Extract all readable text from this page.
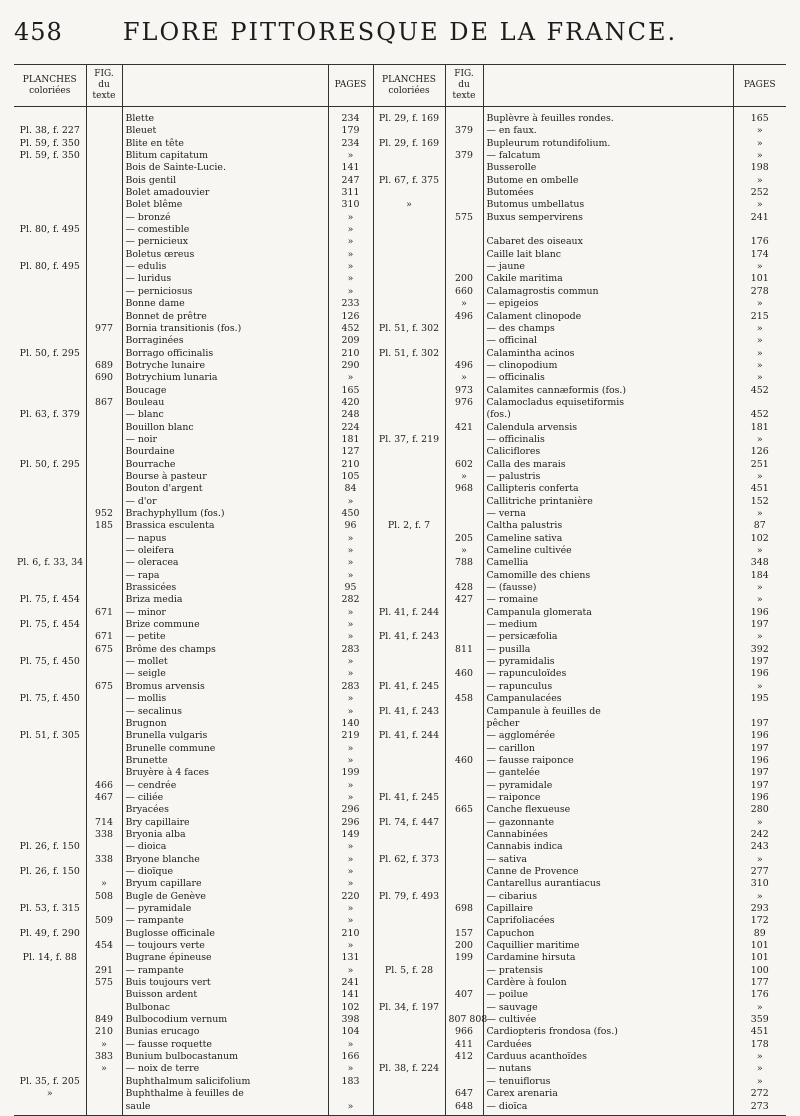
FLORE PITTORESQUE DE LA FRANCE.
458
PLANCHES coloriées	FIG. du texte		PAGES	PLANCHES coloriées	FIG. du texte		PAGES
		Blette	234	Pl. 29, f. 169		Buplèvre à feuilles rondes.	165
Pl. 38, f. 227		Bleuet	179		379	— en faux.	»
Pl. 59, f. 350		Blite en tête	234	Pl. 29, f. 169		Bupleurum rotundifolium.	»
Pl. 59, f. 350		Blitum capitatum	»		379	— falcatum	»
		Bois de Sainte-Lucie.	141			Busserolle	198
		Bois gentil	247	Pl. 67, f. 375		Butome en ombelle	»
		Bolet amadouvier	311			Butomées	252
		Bolet blême	310	»		Butomus umbellatus	»
		— bronzé	»		575	Buxus sempervirens	241
Pl. 80, f. 495		— comestible	»				
		— pernicieux	»			Cabaret des oiseaux	176
		Boletus œreus	»			Caille lait blanc	174
Pl. 80, f. 495		— edulis	»			— jaune	»
		— luridus	»		200	Cakile maritima	101
		— perniciosus	»		660	Calamagrostis commun	278
		Bonne dame	233		»	— epigeios	»
		Bonnet de prêtre	126		496	Calament clinopode	215
	977	Bornia transitionis (fos.)	452	Pl. 51, f. 302		— des champs	»
		Borraginées	209			— officinal	»
Pl. 50, f. 295		Borrago officinalis	210	Pl. 51, f. 302		Calamintha acinos	»
	689	Botryche lunaire	290		496	— clinopodium	»
	690	Botrychium lunaria	»		»	— officinalis	»
		Boucage	165		973	Calamites cannæformis (fos.)	452
	867	Bouleau	420		976	Calamocladus equisetiformis	
Pl. 63, f. 379		— blanc	248			(fos.)	452
		Bouillon blanc	224		421	Calendula arvensis	181
		— noir	181	Pl. 37, f. 219		— officinalis	»
		Bourdaine	127			Caliciflores	126
Pl. 50, f. 295		Bourrache	210		602	Calla des marais	251
		Bourse à pasteur	105		»	— palustris	»
		Bouton d'argent	84		968	Callipteris conferta	451
		— d'or	»			Callitriche printanière	152
	952	Brachyphyllum (fos.)	450			— verna	»
	185	Brassica esculenta	96	Pl. 2, f. 7		Caltha palustris	87
		— napus	»		205	Cameline sativa	102
		— oleifera	»		»	Cameline cultivée	»
Pl. 6, f. 33, 34		— oleracea	»		788	Camellia	348
		— rapa	»			Camomille des chiens	184
		Brassicées	95		428	— (fausse)	»
Pl. 75, f. 454		Briza media	282		427	— romaine	»
	671	— minor	»	Pl. 41, f. 244		Campanula glomerata	196
Pl. 75, f. 454		Brize commune	»			— medium	197
	671	— petite	»	Pl. 41, f. 243		— persicæfolia	»
	675	Brôme des champs	283		811	— pusilla	392
Pl. 75, f. 450		— mollet	»			— pyramidalis	197
		— seigle	»		460	— rapunculoïdes	196
	675	Bromus arvensis	283	Pl. 41, f. 245		— rapunculus	»
Pl. 75, f. 450		— mollis	»		458	Campanulacées	195
		— secalinus	»	Pl. 41, f. 243		Campanule à feuilles de	
		Brugnon	140			pêcher	197
Pl. 51, f. 305		Brunella vulgaris	219	Pl. 41, f. 244		— agglomérée	196
		Brunelle commune	»			— carillon	197
		Brunette	»		460	— fausse raiponce	196
		Bruyère à 4 faces	199			— gantelée	197
	466	— cendrée	»			— pyramidale	197
	467	— ciliée	»	Pl. 41, f. 245		— raiponce	196
		Bryacées	296		665	Canche flexueuse	280
	714	Bry capillaire	296	Pl. 74, f. 447		— gazonnante	»
	338	Bryonia alba	149			Cannabinées	242
Pl. 26, f. 150		— dioica	»			Cannabis indica	243
	338	Bryone blanche	»	Pl. 62, f. 373		— sativa	»
Pl. 26, f. 150		— dioïque	»			Canne de Provence	277
	»	Bryum capillare	»			Cantarellus aurantiacus	310
	508	Bugle de Genève	220	Pl. 79, f. 493		— cibarius	»
Pl. 53, f. 315		— pyramidale	»		698	Capillaire	293
	509	— rampante	»			Caprifoliacées	172
Pl. 49, f. 290		Buglosse officinale	210		157	Capuchon	89
	454	— toujours verte	»		200	Caquillier maritime	101
Pl. 14, f. 88		Bugrane épineuse	131		199	Cardamine hirsuta	101
	291	— rampante	»	Pl. 5, f. 28		— pratensis	100
	575	Buis toujours vert	241			Cardère à foulon	177
		Buisson ardent	141		407	— poilue	176
		Bulbonac	102	Pl. 34, f. 197		— sauvage	»
	849	Bulbocodium vernum	398		807 808	— cultivée	359
	210	Bunias erucago	104		966	Cardiopteris frondosa (fos.)	451
	»	— fausse roquette	»		411	Carduées	178
	383	Bunium bulbocastanum	166		412	Carduus acanthoïdes	»
	»	— noix de terre	»	Pl. 38, f. 224		— nutans	»
Pl. 35, f. 205		Buphthalmum salicifolium	183			— tenuiflorus	»
»		Buphthalme à feuilles de			647	Carex arenaria	272
		saule	»		648	— dioïca	273
